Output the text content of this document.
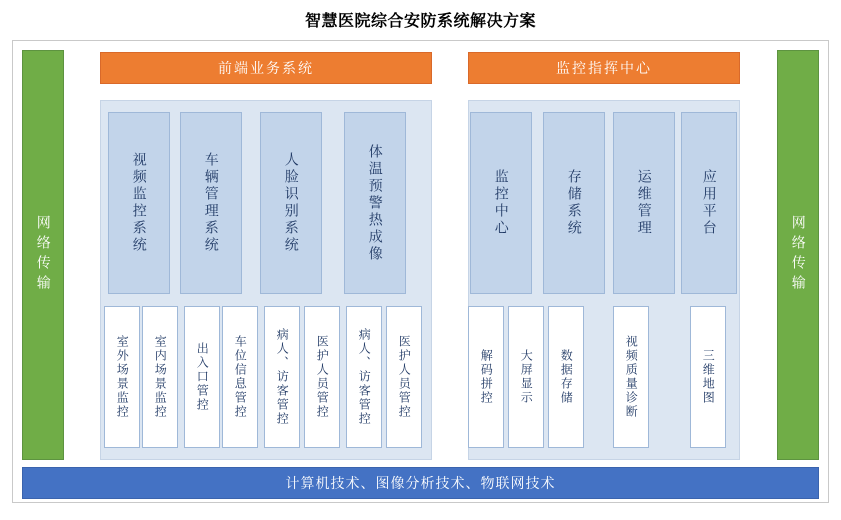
智慧医院综合安防系统解决方案
网络传输	网络传输
前端业务系统	监控指挥中心
视频监控系统	车辆管理系统	人脸识别系统	体温预警热成像	监控中心	存储系统	运维管理	应用平台
室外场景监控 室内场景监控 出入口管控 车位信息管控 病人、访客管控 医护人员管控 病人、访客管控 医护人员管控	解码拼控 大屏显示 数据存储	视频质量诊断	三维地图
计算机技术、图像分析技术、物联网技术
